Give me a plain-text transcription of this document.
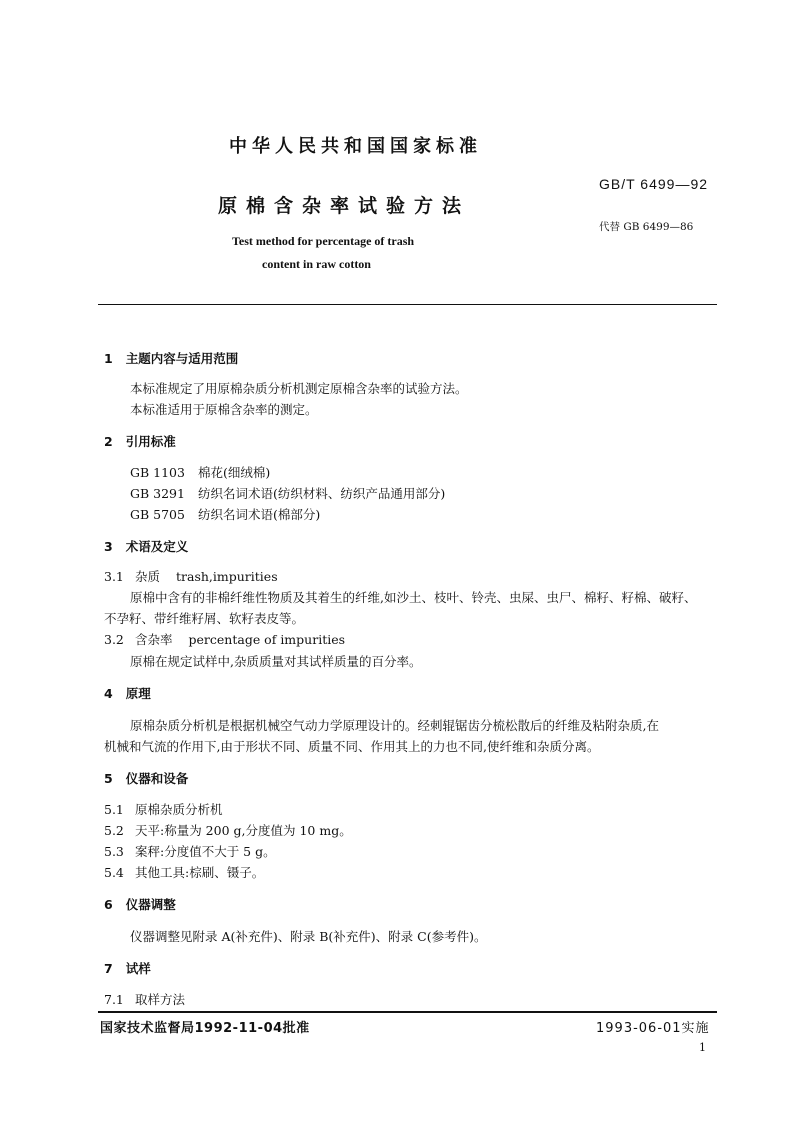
中华人民共和国国家标准
GB/T 6499—92
原棉含杂率试验方法
代替 GB 6499—86
Test method for percentage of trash
content in raw cotton
1 主题内容与适用范围
本标准规定了用原棉杂质分析机测定原棉含杂率的试验方法。
本标准适用于原棉含杂率的测定。
2 引用标准
GB 1103 棉花(细绒棉)
GB 3291 纺织名词术语(纺织材料、纺织产品通用部分)
GB 5705 纺织名词术语(棉部分)
3 术语及定义
3.1 杂质 trash,impurities
原棉中含有的非棉纤维性物质及其着生的纤维,如沙土、枝叶、铃壳、虫屎、虫尸、棉籽、籽棉、破籽、
不孕籽、带纤维籽屑、软籽表皮等。
3.2 含杂率 percentage of impurities
原棉在规定试样中,杂质质量对其试样质量的百分率。
4 原理
原棉杂质分析机是根据机械空气动力学原理设计的。经刺辊锯齿分梳松散后的纤维及粘附杂质,在
机械和气流的作用下,由于形状不同、质量不同、作用其上的力也不同,使纤维和杂质分离。
5 仪器和设备
5.1 原棉杂质分析机
5.2 天平:称量为 200 g,分度值为 10 mg。
5.3 案秤:分度值不大于 5 g。
5.4 其他工具:棕刷、镊子。
6 仪器调整
仪器调整见附录 A(补充件)、附录 B(补充件)、附录 C(参考件)。
7 试样
7.1 取样方法
国家技术监督局1992-11-04批准	1993-06-01实施
1
